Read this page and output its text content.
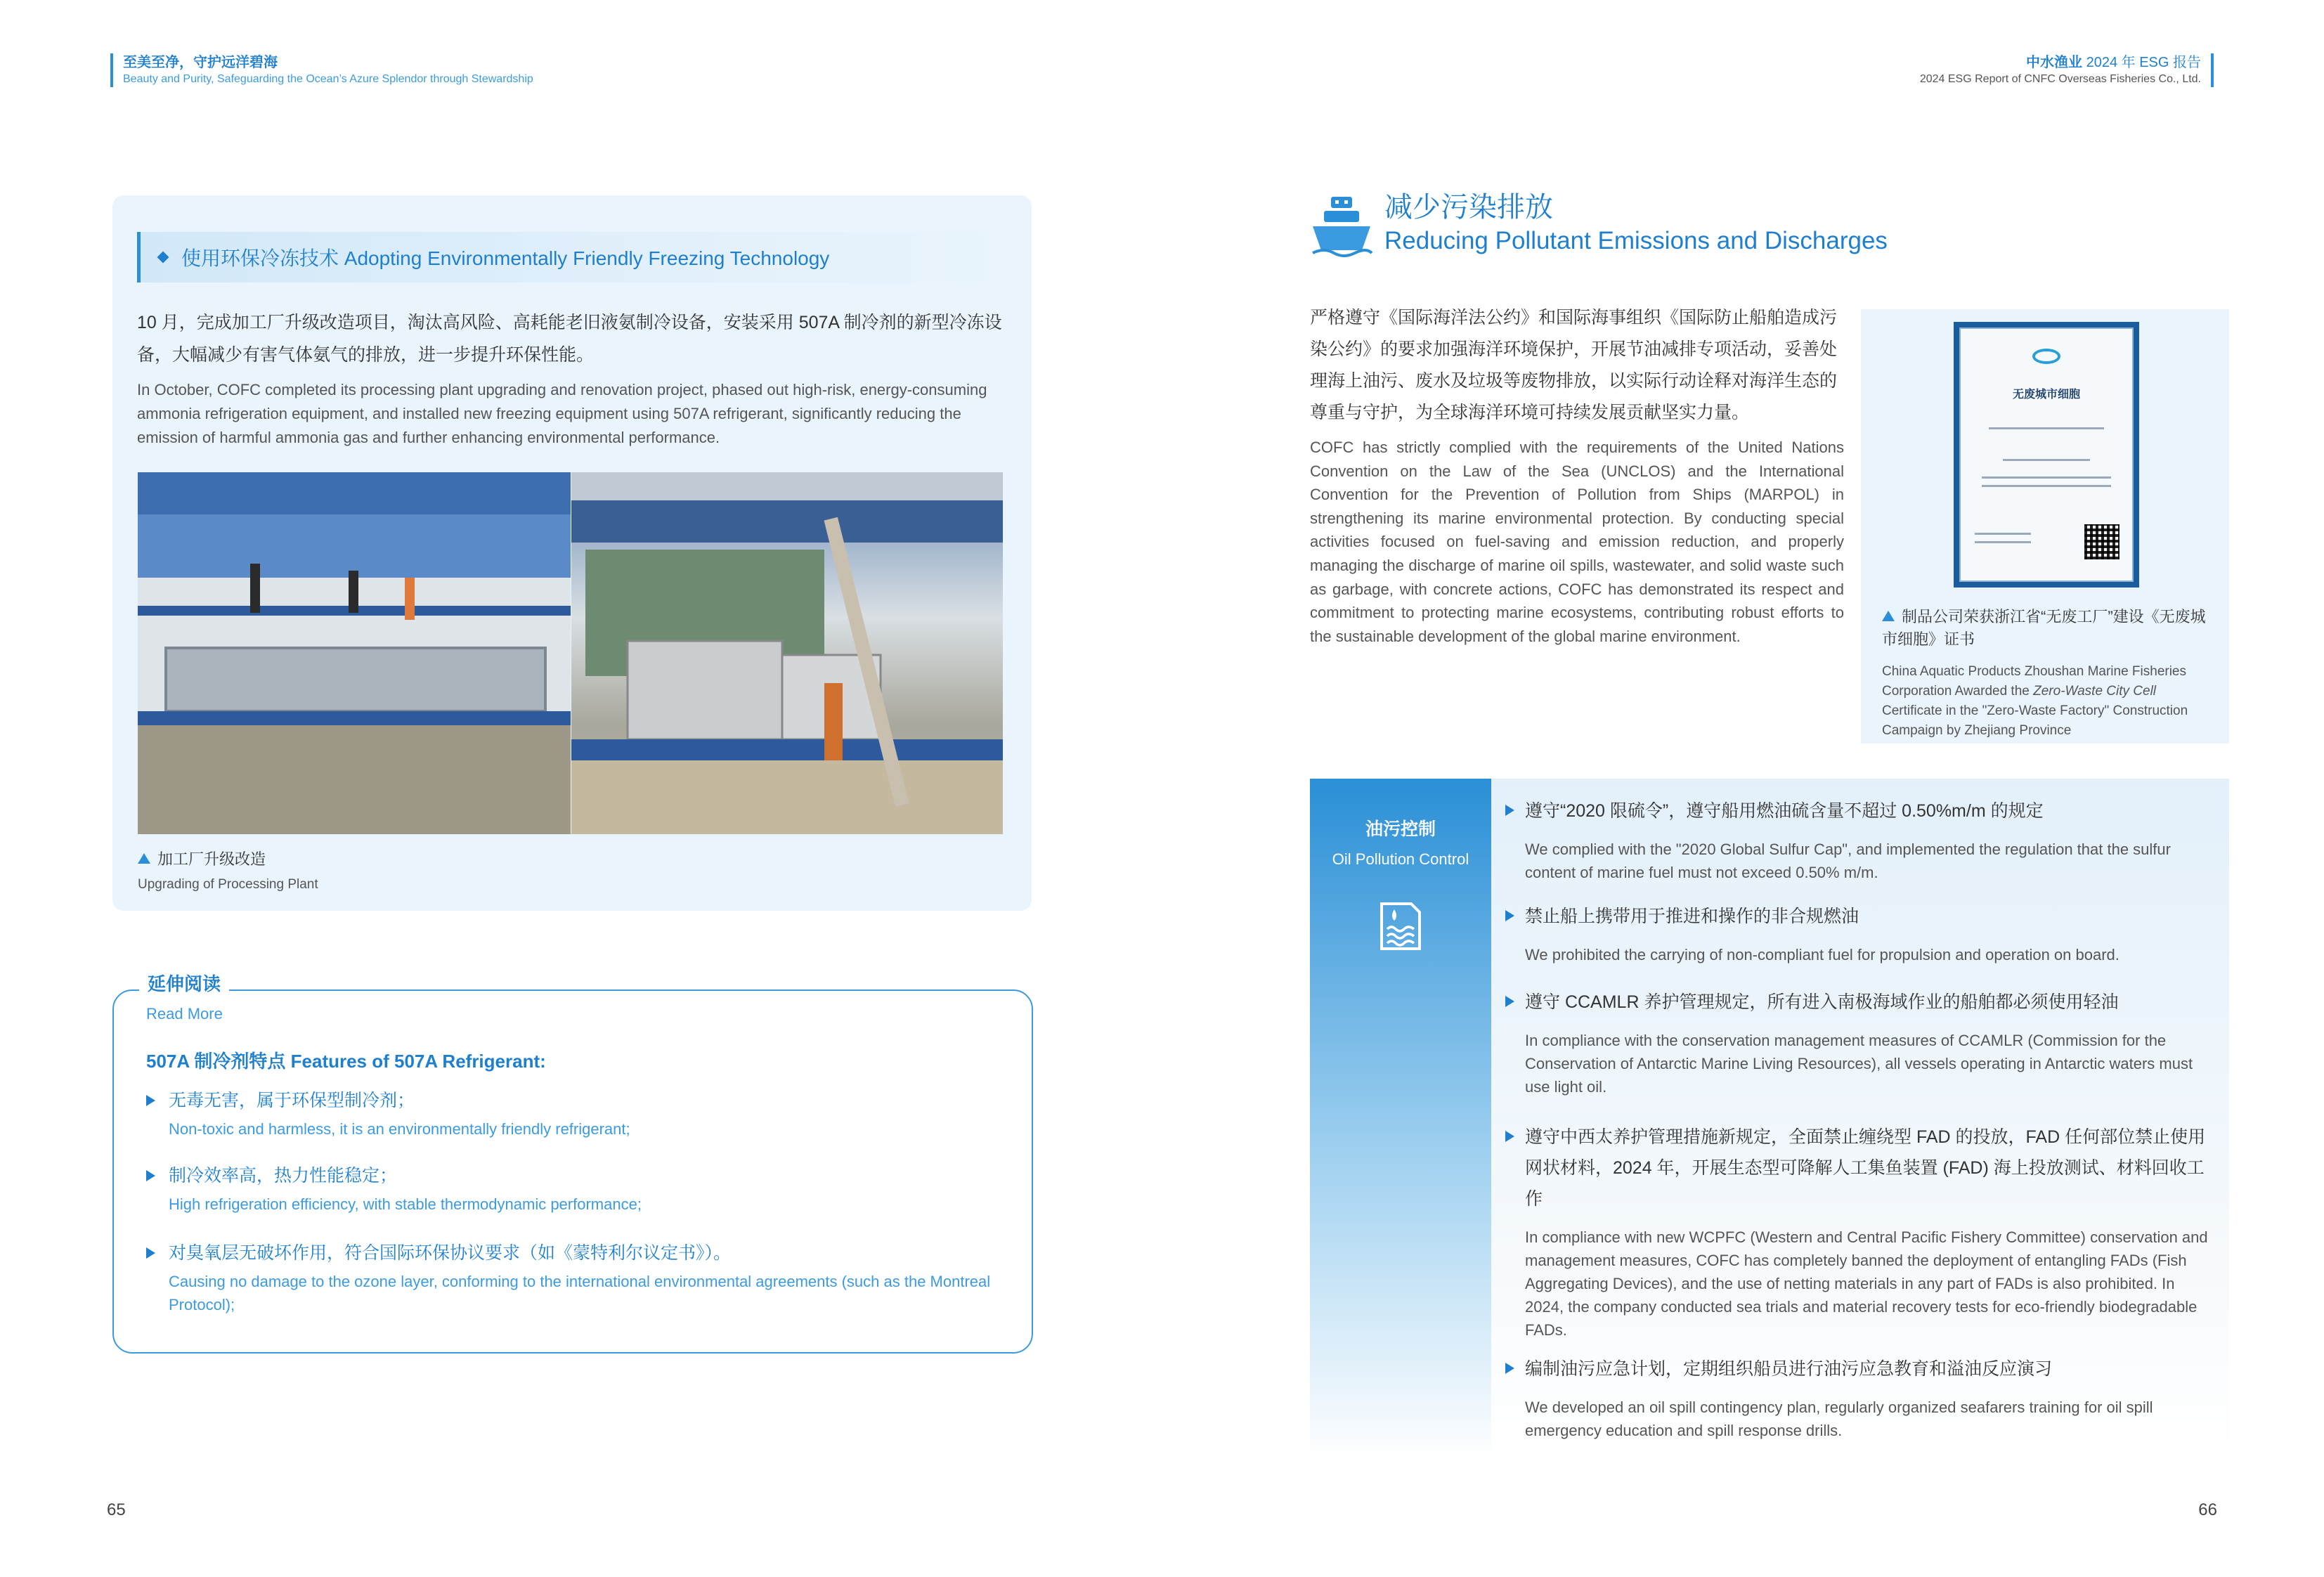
至美至净，守护远洋碧海
Beauty and Purity, Safeguarding the Ocean’s Azure Splendor through Stewardship
中水渔业 2024 年 ESG 报告
2024 ESG Report of CNFC Overseas Fisheries Co., Ltd.
使用环保冷冻技术 Adopting Environmentally Friendly Freezing Technology
10 月，完成加工厂升级改造项目，淘汰高风险、高耗能老旧液氨制冷设备，安装采用 507A 制冷剂的新型冷冻设备，大幅减少有害气体氨气的排放，进一步提升环保性能。
In October, COFC completed its processing plant upgrading and renovation project, phased out high-risk, energy-consuming ammonia refrigeration equipment, and installed new freezing equipment using 507A refrigerant, significantly reducing the emission of harmful ammonia gas and further enhancing environmental performance.
加工厂升级改造
Upgrading of Processing Plant
延伸阅读
Read More
507A 制冷剂特点 Features of 507A Refrigerant:
无毒无害，属于环保型制冷剂；
Non-toxic and harmless, it is an environmentally friendly refrigerant;
制冷效率高，热力性能稳定；
High refrigeration efficiency, with stable thermodynamic performance;
对臭氧层无破坏作用，符合国际环保协议要求（如《蒙特利尔议定书》）。
Causing no damage to the ozone layer, conforming to the international environmental agreements (such as the Montreal Protocol);
65
减少污染排放
Reducing Pollutant Emissions and Discharges
严格遵守《国际海洋法公约》和国际海事组织《国际防止船舶造成污染公约》的要求加强海洋环境保护，开展节油减排专项活动，妥善处理海上油污、废水及垃圾等废物排放，以实际行动诠释对海洋生态的尊重与守护，为全球海洋环境可持续发展贡献坚实力量。
COFC has strictly complied with the requirements of the United Nations Convention on the Law of the Sea (UNCLOS) and the International Convention for the Prevention of Pollution from Ships (MARPOL) in strengthening its marine environmental protection. By conducting special activities focused on fuel-saving and emission reduction, and properly managing the discharge of marine oil spills, wastewater, and solid waste such as garbage, with concrete actions, COFC has demonstrated its respect and commitment to protecting marine ecosystems, contributing robust efforts to the sustainable development of the global marine environment.
无废城市细胞
制品公司荣获浙江省“无废工厂”建设《无废城市细胞》证书
China Aquatic Products Zhoushan Marine Fisheries Corporation Awarded the Zero-Waste City Cell Certificate in the "Zero-Waste Factory" Construction Campaign by Zhejiang Province
油污控制
Oil Pollution Control
遵守“2020 限硫令”，遵守船用燃油硫含量不超过 0.50%m/m 的规定
We complied with the "2020 Global Sulfur Cap", and implemented the regulation that the sulfur content of marine fuel must not exceed 0.50% m/m.
禁止船上携带用于推进和操作的非合规燃油
We prohibited the carrying of non-compliant fuel for propulsion and operation on board.
遵守 CCAMLR 养护管理规定，所有进入南极海域作业的船舶都必须使用轻油
In compliance with the conservation management measures of CCAMLR (Commission for the Conservation of Antarctic Marine Living Resources), all vessels operating in Antarctic waters must use light oil.
遵守中西太养护管理措施新规定，全面禁止缠绕型 FAD 的投放，FAD 任何部位禁止使用网状材料，2024 年，开展生态型可降解人工集鱼装置 (FAD) 海上投放测试、材料回收工作
In compliance with new WCPFC (Western and Central Pacific Fishery Committee) conservation and management measures, COFC has completely banned the deployment of entangling FADs (Fish Aggregating Devices), and the use of netting materials in any part of FADs is also prohibited. In 2024, the company conducted sea trials and material recovery tests for eco-friendly biodegradable FADs.
编制油污应急计划，定期组织船员进行油污应急教育和溢油反应演习
We developed an oil spill contingency plan, regularly organized seafarers training for oil spill emergency education and spill response drills.
66
